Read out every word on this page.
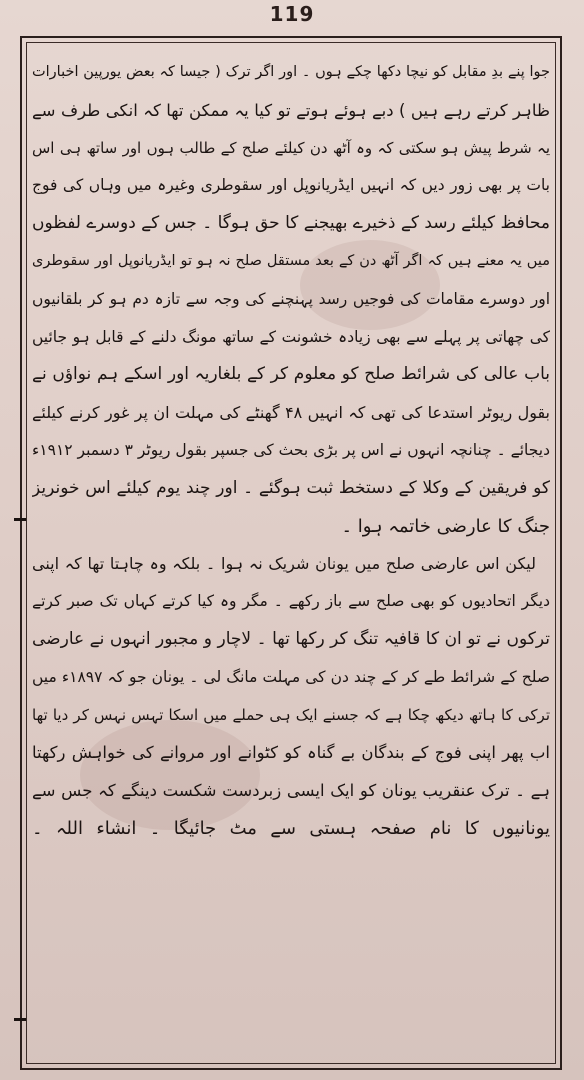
119
جوا پنے بدِ مقابل کو نیچا دکھا چکے ہوں ۔ اور اگر ترک ( جیسا کہ بعض یورپین اخبارات
ظاہر کرتے رہے ہیں ) دبے ہوئے ہوتے تو کیا یہ ممکن تھا کہ انکی طرف سے
یہ شرط پیش ہو سکتی کہ وہ آٹھ دن کیلئے صلح کے طالب ہوں اور ساتھ ہی اس
بات پر بھی زور دیں کہ انہیں ایڈریانوپل اور سقوطری وغیرہ میں وہاں کی فوج
محافظ کیلئے رسد کے ذخیرے بھیجنے کا حق ہوگا ۔ جس کے دوسرے لفظوں
میں یہ معنے ہیں کہ اگر آٹھ دن کے بعد مستقل صلح نہ ہو تو ایڈریانوپل اور سقوطری
اور دوسرے مقامات کی فوجیں رسد پہنچنے کی وجہ سے تازہ دم ہو کر بلقانیوں
کی چھاتی پر پہلے سے بھی زیادہ خشونت کے ساتھ مونگ دلنے کے قابل ہو جائیں
باب عالی کی شرائط صلح کو معلوم کر کے بلغاریہ اور اسکے ہم نواؤں نے
بقول ریوٹر استدعا کی تھی کہ انہیں ۴۸ گھنٹے کی مہلت ان پر غور کرنے کیلئے
دیجائے ۔ چنانچہ انہوں نے اس پر بڑی بحث کی جسپر بقول ریوٹر ۳ دسمبر ۱۹۱۲ء
کو فریقین کے وکلا کے دستخط ثبت ہوگئے ۔ اور چند یوم کیلئے اس خونریز
جنگ کا عارضی خاتمہ ہوا ۔
لیکن اس عارضی صلح میں یونان شریک نہ ہوا ۔ بلکہ وہ چاہتا تھا کہ اپنی
دیگر اتحادیوں کو بھی صلح سے باز رکھے ۔ مگر وہ کیا کرتے کہاں تک صبر کرتے
ترکوں نے تو ان کا قافیہ تنگ کر رکھا تھا ۔ لاچار و مجبور انہوں نے عارضی
صلح کے شرائط طے کر کے چند دن کی مہلت مانگ لی ۔ یونان جو کہ ۱۸۹۷ء میں
ترکی کا ہاتھ دیکھ چکا ہے کہ جسنے ایک ہی حملے میں اسکا تہس نہس کر دیا تھا
اب پھر اپنی فوج کے بندگان بے گناہ کو کٹوانے اور مروانے کی خواہش رکھتا
ہے ۔ ترک عنقریب یونان کو ایک ایسی زبردست شکست دینگے کہ جس سے
یونانیوں کا نام صفحہ ہستی سے مٹ جائیگا ۔ انشاء اللہ ۔
